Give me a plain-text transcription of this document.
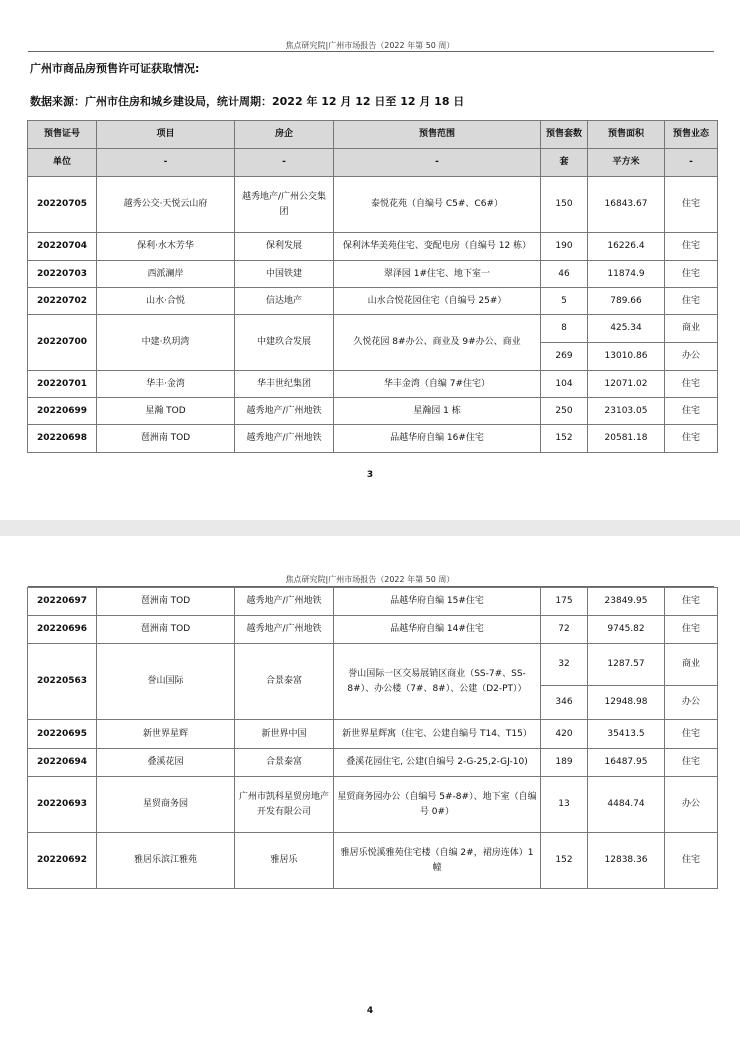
焦点研究院|广州市场报告（2022 年第 50 周）
广州市商品房预售许可证获取情况:
数据来源：广州市住房和城乡建设局，统计周期：2022 年 12 月 12 日至 12 月 18 日
预售证号	项目	房企	预售范围	预售套数	预售面积	预售业态
单位	-	-	-	套	平方米	-
20220705	越秀公交·天悦云山府	越秀地产/广州公交集团	泰悦花苑（自编号 C5#、C6#）	150	16843.67	住宅
20220704	保利·水木芳华	保利发展	保利沐华美苑住宅、变配电房（自编号 12 栋）	190	16226.4	住宅
20220703	西派澜岸	中国铁建	翠泽园 1#住宅、地下室一	46	11874.9	住宅
20220702	山水·合悦	信达地产	山水合悦花园住宅（自编号 25#）	5	789.66	住宅
20220700	中建·玖玥湾	中建玖合发展	久悦花园 8#办公、商业及 9#办公、商业	8	425.34	商业
				269	13010.86	办公
20220701	华丰·金湾	华丰世纪集团	华丰金湾（自编 7#住宅）	104	12071.02	住宅
20220699	星瀚 TOD	越秀地产/广州地铁	星瀚园 1 栋	250	23103.05	住宅
20220698	琶洲南 TOD	越秀地产/广州地铁	品越华府自编 16#住宅	152	20581.18	住宅
3
焦点研究院|广州市场报告（2022 年第 50 周）
20220697	琶洲南 TOD	越秀地产/广州地铁	品越华府自编 15#住宅	175	23849.95	住宅
20220696	琶洲南 TOD	越秀地产/广州地铁	品越华府自编 14#住宅	72	9745.82	住宅
20220563	誉山国际	合景泰富	誉山国际一区交易展销区商业（SS-7#、SS-8#）、办公楼（7#、8#）、公建（D2-PT））	32	1287.57	商业
				346	12948.98	办公
20220695	新世界星辉	新世界中国	新世界星辉寓（住宅、公建自编号 T14、T15）	420	35413.5	住宅
20220694	叠溪花园	合景泰富	叠溪花园住宅, 公建(自编号 2-G-25,2-GJ-10)	189	16487.95	住宅
20220693	星贸商务园	广州市凯科星贸房地产开发有限公司	星贸商务园办公（自编号 5#-8#）、地下室（自编号 0#）	13	4484.74	办公
20220692	雅居乐滨江雅苑	雅居乐	雅居乐悦溪雅苑住宅楼（自编 2#，裙房连体）1 幢	152	12838.36	住宅
4
